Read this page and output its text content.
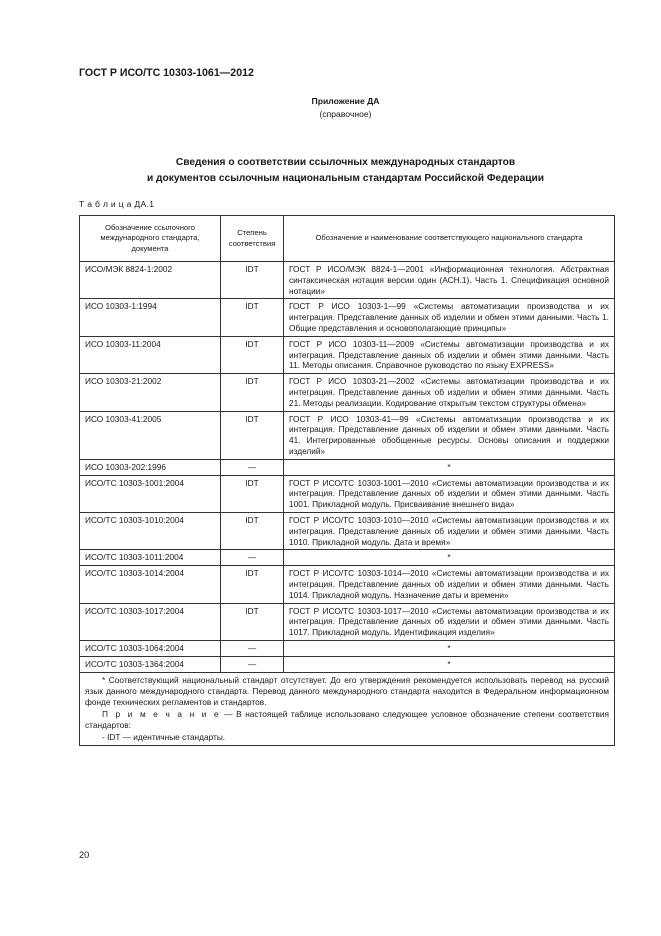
ГОСТ Р ИСО/ТС 10303-1061—2012
Приложение ДА
(справочное)
Сведения о соответствии ссылочных международных стандартов
и документов ссылочным национальным стандартам Российской Федерации
Т а б л и ц а ДА.1
Обозначение ссылочного международного стандарта, документа	Степень соответствия	Обозначение и наименование соответствующего национального стандарта
ИСО/МЭК 8824-1:2002	IDT	ГОСТ Р ИСО/МЭК 8824-1—2001 «Информационная технология. Абстрактная синтаксическая нотация версии один (АСН.1). Часть 1. Спецификация основной нотации»
ИСО 10303-1:1994	IDT	ГОСТ Р ИСО 10303-1—99 «Системы автоматизации производства и их интеграция. Представление данных об изделии и обмен этими данными. Часть 1. Общие представления и основополагающие принципы»
ИСО 10303-11:2004	IDT	ГОСТ Р ИСО 10303-11—2009 «Системы автоматизации производства и их интеграция. Представление данных об изделии и обмен этими данными. Часть 11. Методы описания. Справочное руководство по языку EXPRESS»
ИСО 10303-21:2002	IDT	ГОСТ Р ИСО 10303-21—2002 «Системы автоматизации производства и их интеграция. Представление данных об изделии и обмен этими данными. Часть 21. Методы реализации. Кодирование открытым текстом структуры обмена»
ИСО 10303-41:2005	IDT	ГОСТ Р ИСО 10303-41—99 «Системы автоматизации производства и их интеграция. Представление данных об изделии и обмен этими данными. Часть 41. Интегрированные обобщенные ресурсы. Основы описания и поддержки изделий»
ИСО 10303-202:1996	—	*
ИСО/ТС 10303-1001:2004	IDT	ГОСТ Р ИСО/ТС 10303-1001—2010 «Системы автоматизации производства и их интеграция. Представление данных об изделии и обмен этими данными. Часть 1001. Прикладной модуль. Присваивание внешнего вида»
ИСО/ТС 10303-1010:2004	IDT	ГОСТ Р ИСО/ТС 10303-1010—2010 «Системы автоматизации производства и их интеграция. Представление данных об изделии и обмен этими данными. Часть 1010. Прикладной модуль. Дата и время»
ИСО/ТС 10303-1011:2004	—	*
ИСО/ТС 10303-1014:2004	IDT	ГОСТ Р ИСО/ТС 10303-1014—2010 «Системы автоматизации производства и их интеграция. Представление данных об изделии и обмен этими данными. Часть 1014. Прикладной модуль. Назначение даты и времени»
ИСО/ТС 10303-1017:2004	IDT	ГОСТ Р ИСО/ТС 10303-1017—2010 «Системы автоматизации производства и их интеграция. Представление данных об изделии и обмен этими данными. Часть 1017. Прикладной модуль. Идентификация изделия»
ИСО/ТС 10303-1064:2004	—	*
ИСО/ТС 10303-1364:2004	—	*

* Соответствующий национальный стандарт отсутствует. До его утверждения рекомендуется использовать перевод на русский язык данного международного стандарта. Перевод данного международного стандарта находится в Федеральном информационном фонде технических регламентов и стандартов.

П р и м е ч а н и е — В настоящей таблице использовано следующее условное обозначение степени соответствия стандартов:

- IDT — идентичные стандарты.		

20
